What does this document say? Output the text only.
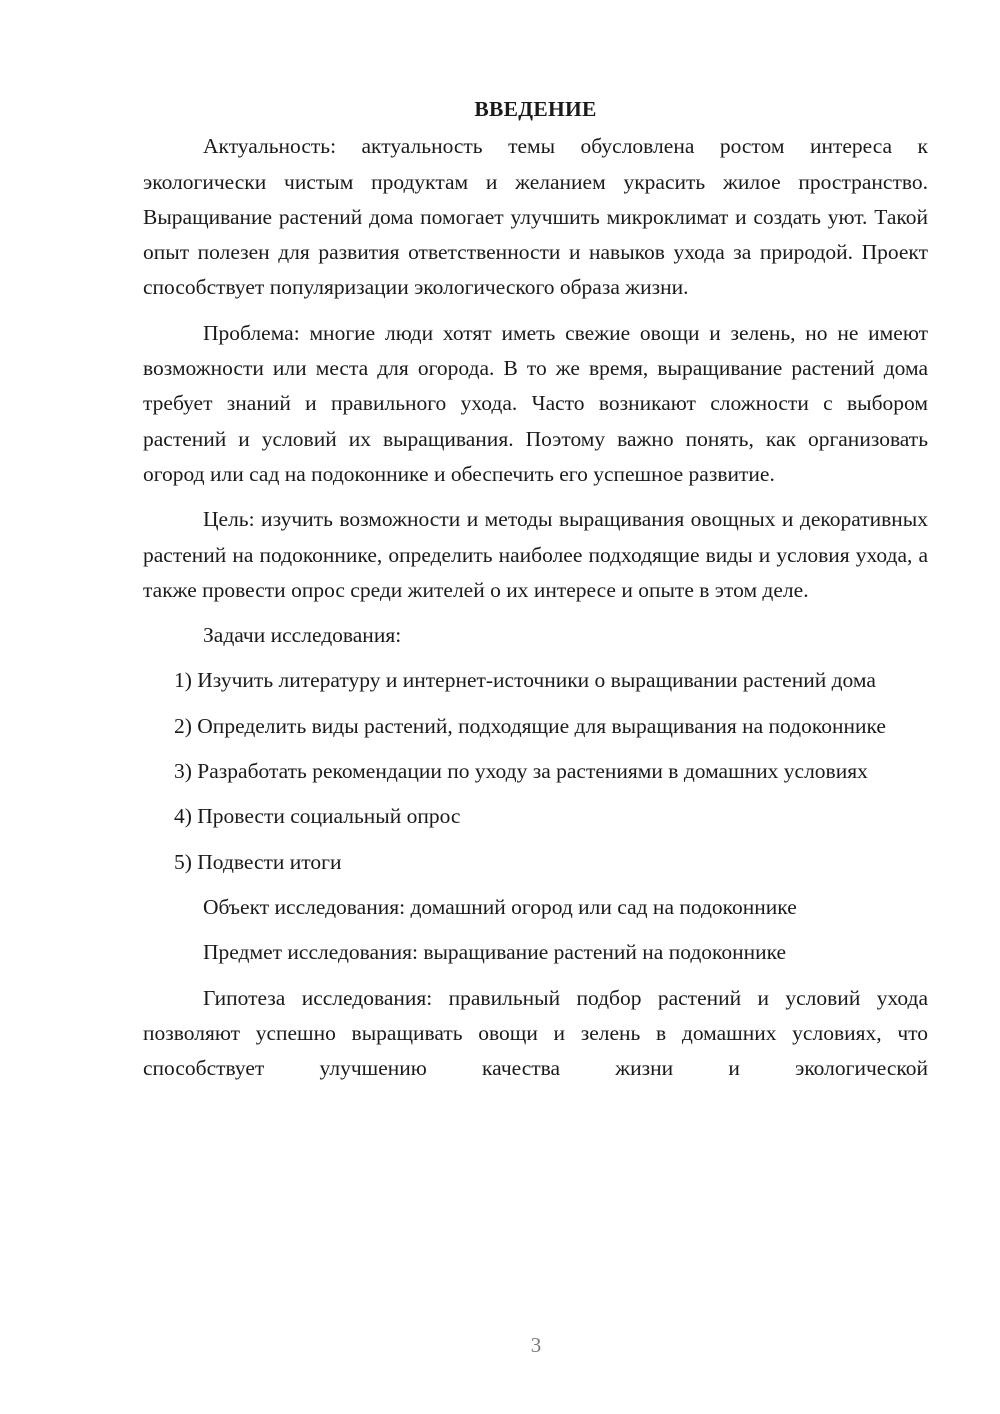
ВВЕДЕНИЕ

Актуальность: актуальность темы обусловлена ростом интереса к экологически чистым продуктам и желанием украсить жилое пространство. Выращивание растений дома помогает улучшить микроклимат и создать уют. Такой опыт полезен для развития ответственности и навыков ухода за природой. Проект способствует популяризации экологического образа жизни.

Проблема: многие люди хотят иметь свежие овощи и зелень, но не имеют возможности или места для огорода. В то же время, выращивание растений дома требует знаний и правильного ухода. Часто возникают сложности с выбором растений и условий их выращивания. Поэтому важно понять, как организовать огород или сад на подоконнике и обеспечить его успешное развитие.

Цель: изучить возможности и методы выращивания овощных и декоративных растений на подоконнике, определить наиболее подходящие виды и условия ухода, а также провести опрос среди жителей о их интересе и опыте в этом деле.

Задачи исследования:

1) Изучить литературу и интернет-источники о выращивании растений дома

2) Определить виды растений, подходящие для выращивания на подоконнике

3) Разработать рекомендации по уходу за растениями в домашних условиях

4) Провести социальный опрос

5) Подвести итоги

Объект исследования: домашний огород или сад на подоконнике

Предмет исследования: выращивание растений на подоконнике

Гипотеза исследования: правильный подбор растений и условий ухода позволяют успешно выращивать овощи и зелень в домашних условиях, что способствует улучшению качества жизни и экологической

3
